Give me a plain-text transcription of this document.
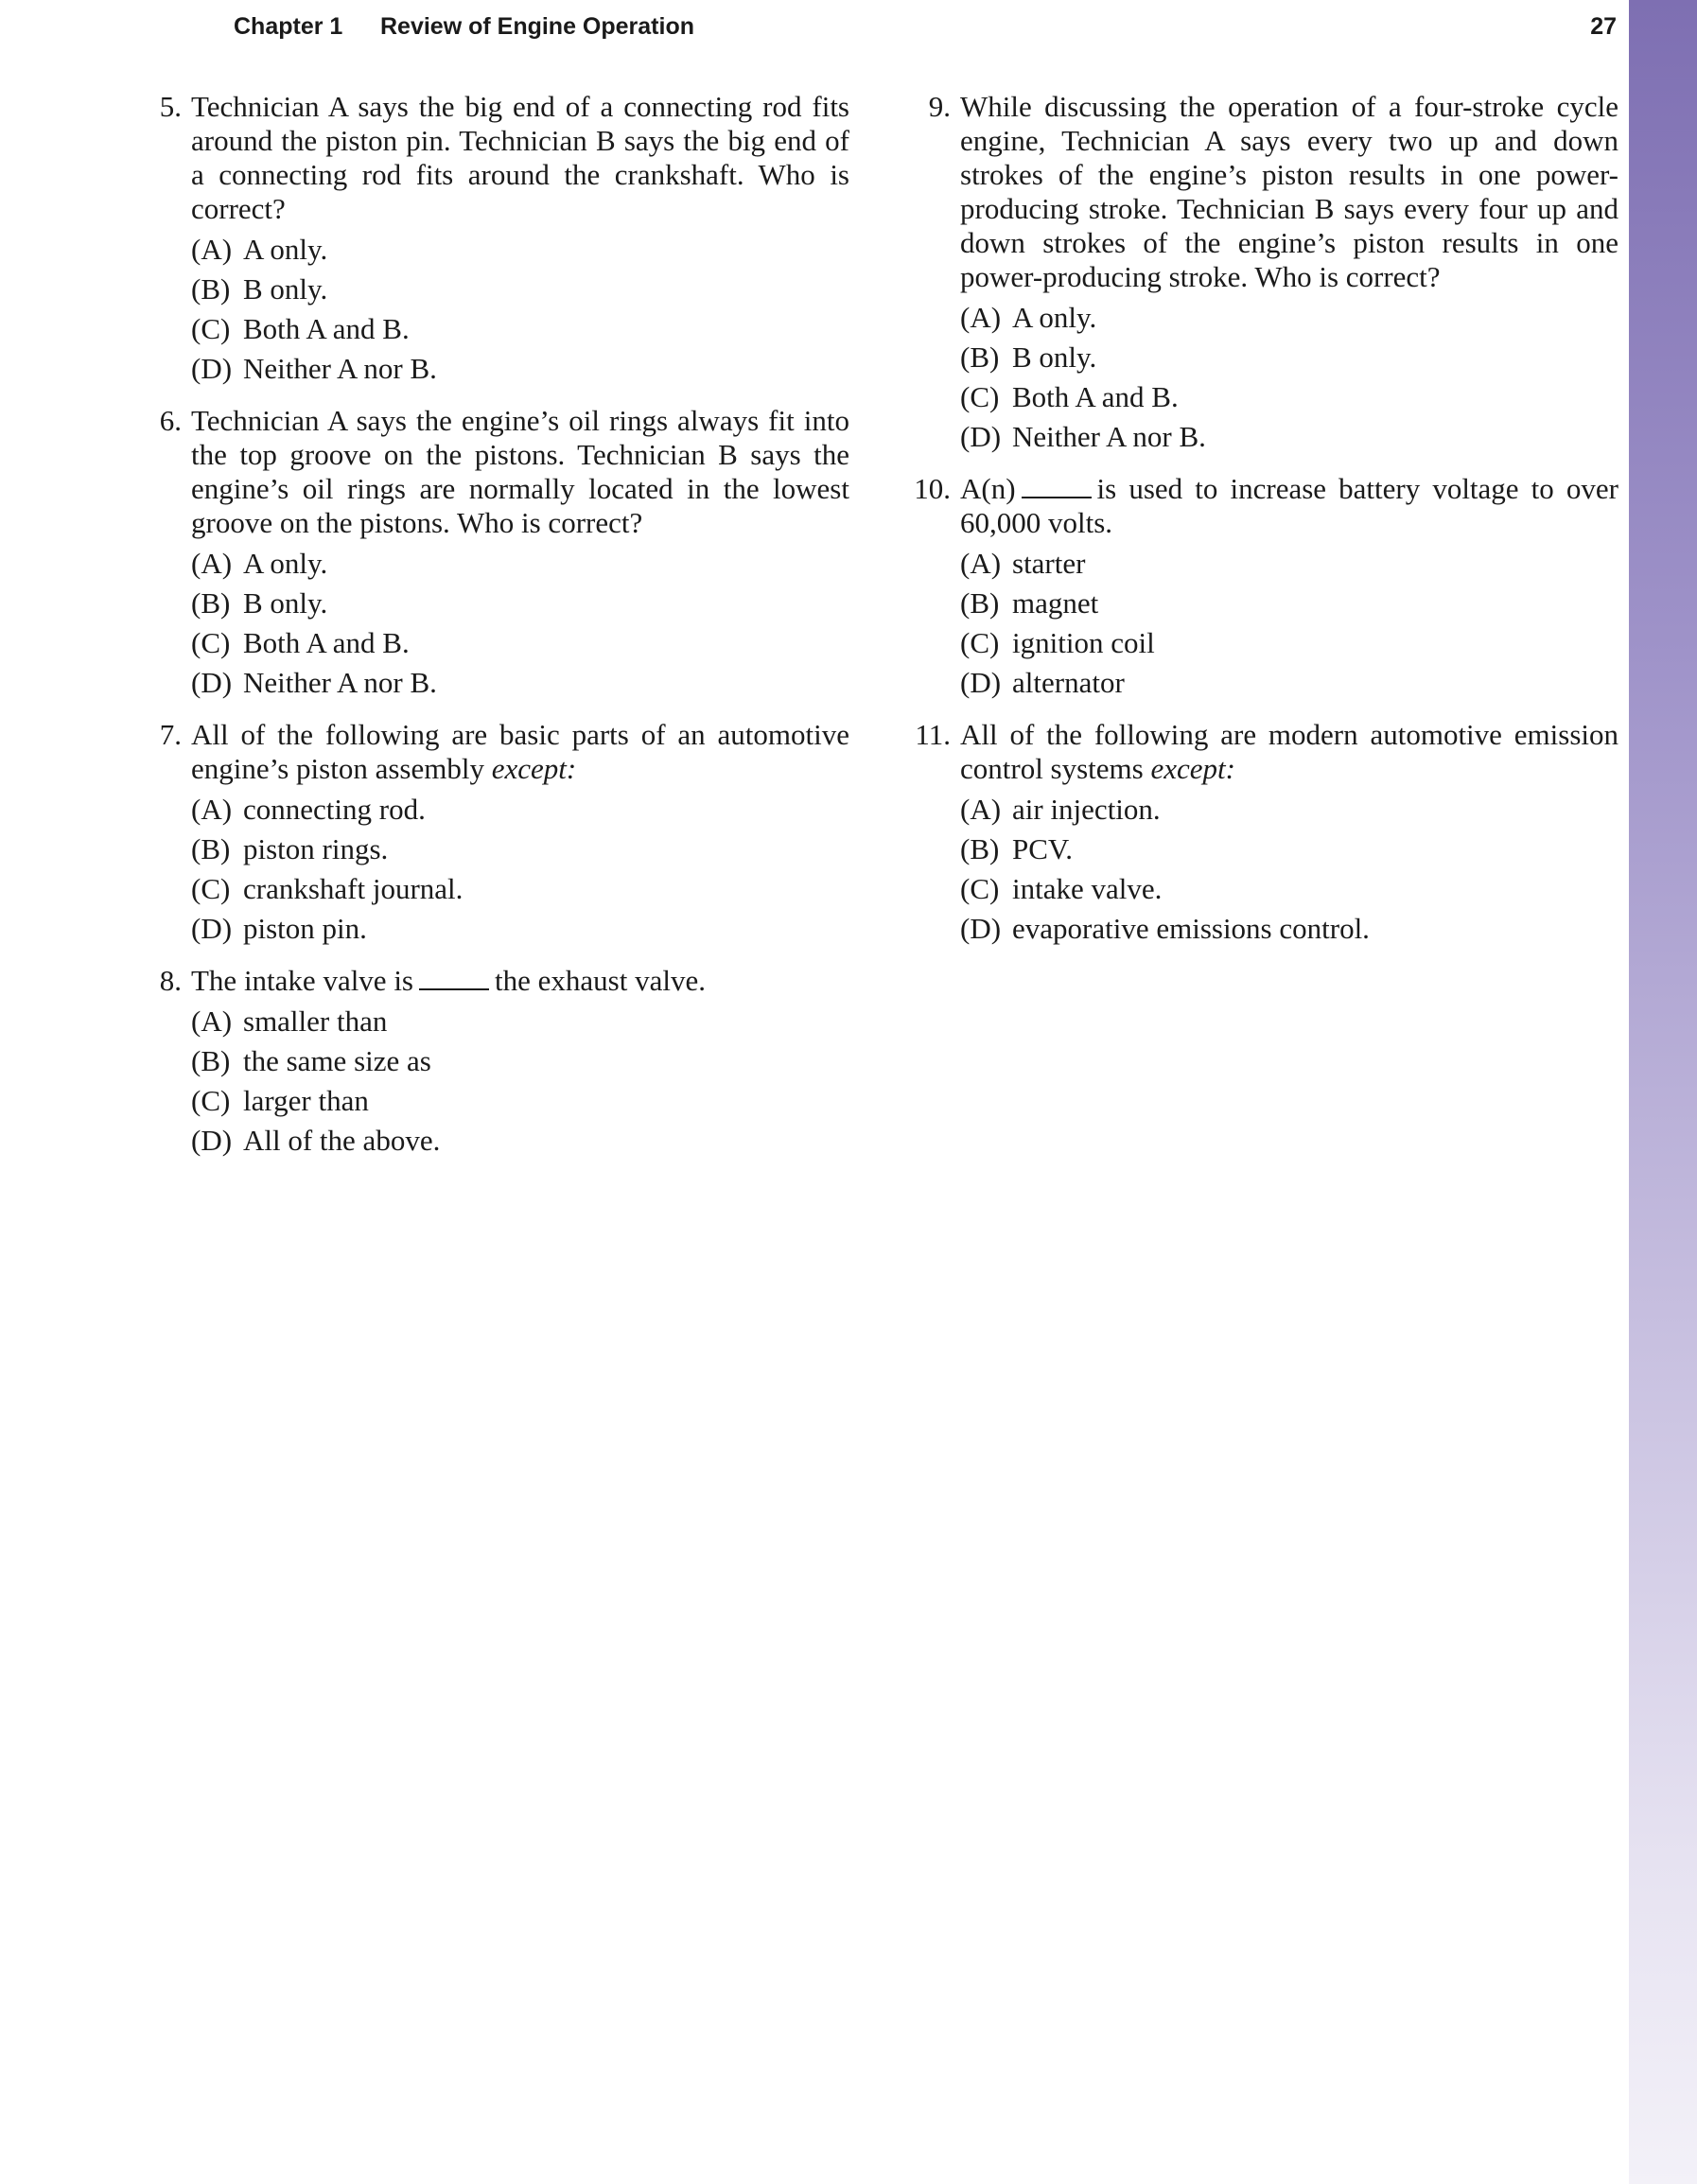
Chapter 1 Review of Engine Operation	27
5. Technician A says the big end of a connecting rod fits around the piston pin. Technician B says the big end of a connecting rod fits around the crankshaft. Who is correct?

(A) A only.
(B) B only.
(C) Both A and B.
(D) Neither A nor B.
6. Technician A says the engine’s oil rings always fit into the top groove on the pistons. Technician B says the engine’s oil rings are normally located in the lowest groove on the pistons. Who is correct?

(A) A only.
(B) B only.
(C) Both A and B.
(D) Neither A nor B.
7. All of the following are basic parts of an automotive engine’s piston assembly except:

(A) connecting rod.
(B) piston rings.
(C) crankshaft journal.
(D) piston pin.
8. The intake valve is	the exhaust valve.

(A) smaller than
(B) the same size as
(C) larger than
(D) All of the above.
9. While discussing the operation of a four-stroke cycle engine, Technician A says every two up and down strokes of the engine’s piston results in one power-producing stroke. Technician B says every four up and down strokes of the engine’s piston results in one power-producing stroke. Who is correct?

(A) A only.
(B) B only.
(C) Both A and B.
(D) Neither A nor B.
10. A(n)	is used to increase battery voltage to over 60,000 volts.

(A) starter
(B) magnet
(C) ignition coil
(D) alternator
11. All of the following are modern automotive emission control systems except:

(A) air injection.
(B) PCV.
(C) intake valve.
(D) evaporative emissions control.
